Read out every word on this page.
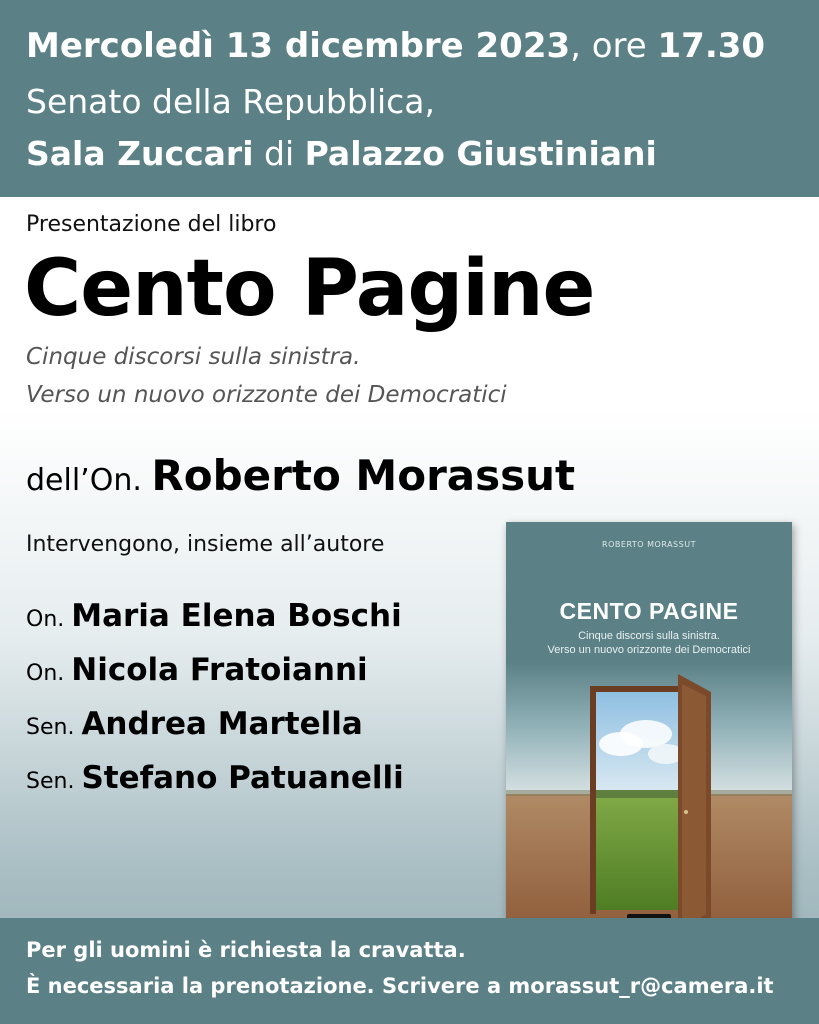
Mercoledì 13 dicembre 2023, ore 17.30
Senato della Repubblica,
Sala Zuccari di Palazzo Giustiniani
Presentazione del libro
Cento Pagine
Cinque discorsi sulla sinistra.
Verso un nuovo orizzonte dei Democratici
dell’On. Roberto Morassut
Intervengono, insieme all’autore
On. Maria Elena Boschi
On. Nicola Fratoianni
Sen. Andrea Martella
Sen. Stefano Patuanelli
ROBERTO MORASSUT
CENTO PAGINE
Cinque discorsi sulla sinistra.
Verso un nuovo orizzonte dei Democratici
Per gli uomini è richiesta la cravatta.
È necessaria la prenotazione. Scrivere a morassut_r@camera.it
